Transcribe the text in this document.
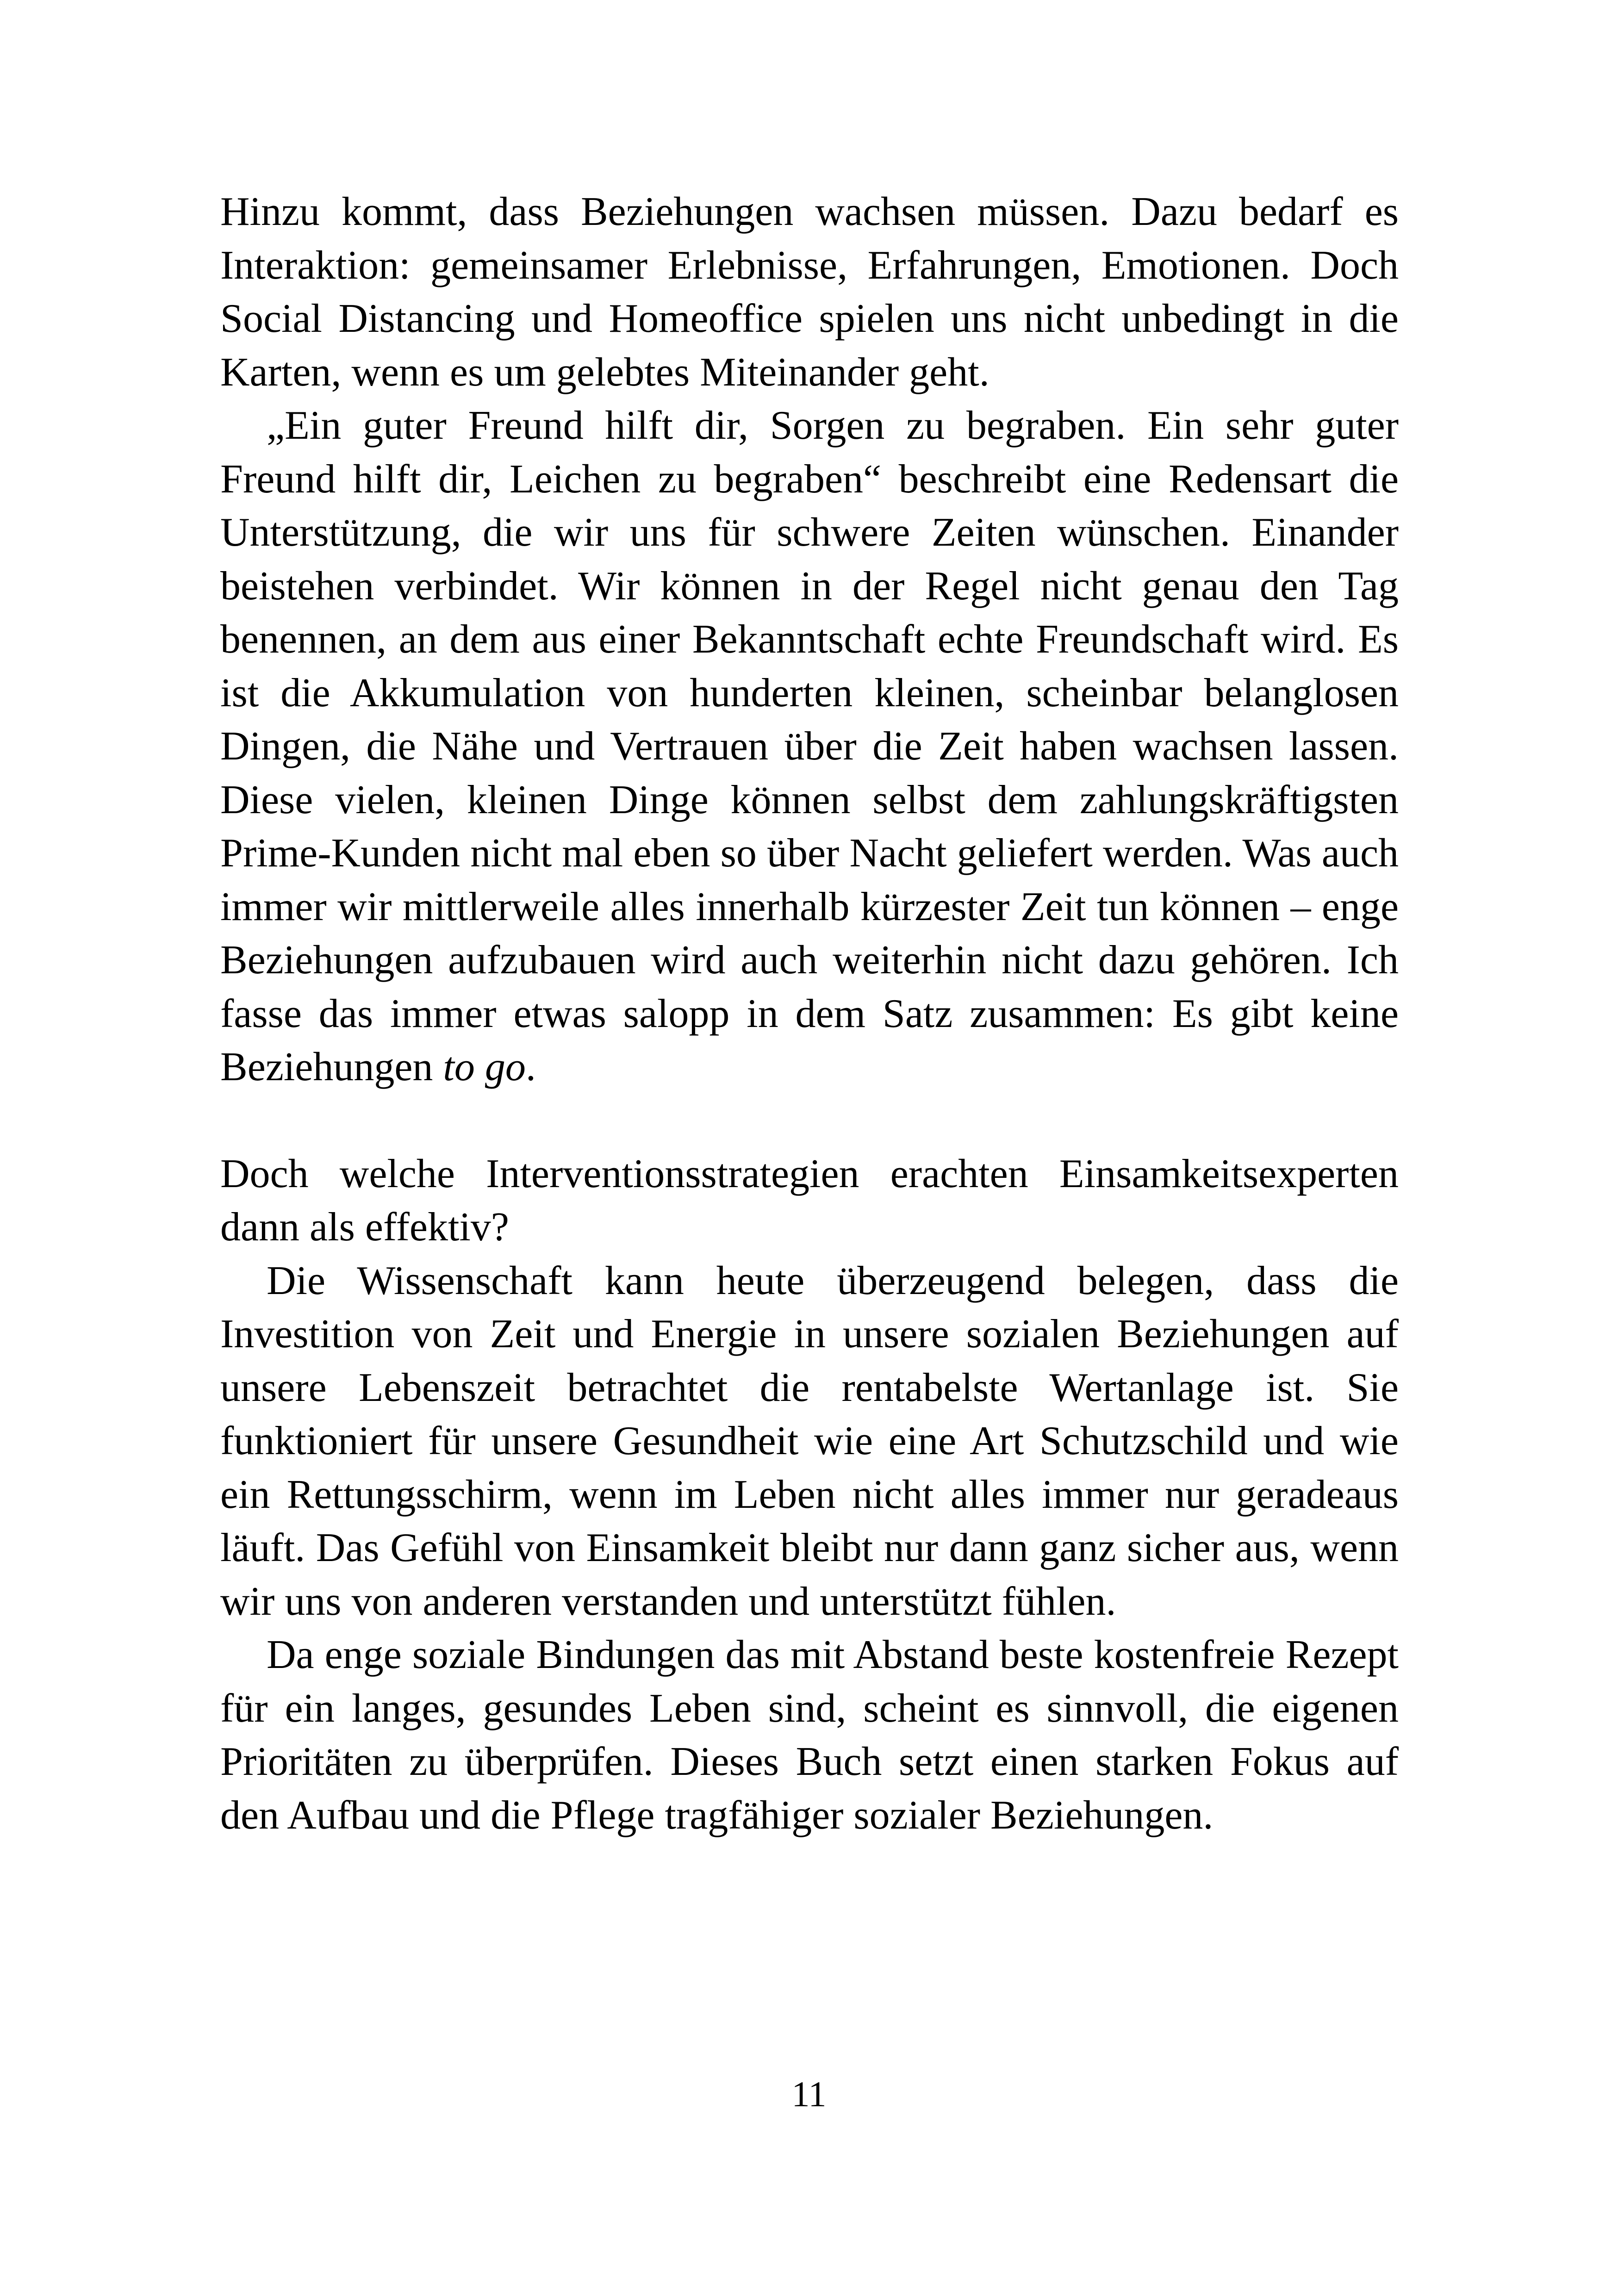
Hinzu kommt, dass Beziehungen wachsen müssen. Dazu bedarf es Interaktion: gemeinsamer Erlebnisse, Erfahrungen, Emotionen. Doch Social Distancing und Homeoffice spielen uns nicht unbedingt in die Karten, wenn es um gelebtes Miteinander geht.

„Ein guter Freund hilft dir, Sorgen zu begraben. Ein sehr guter Freund hilft dir, Leichen zu begraben“ beschreibt eine Redensart die Unterstützung, die wir uns für schwere Zeiten wünschen. Einander beistehen verbindet. Wir können in der Regel nicht genau den Tag benennen, an dem aus einer Bekanntschaft echte Freundschaft wird. Es ist die Akkumulation von hunderten kleinen, scheinbar belanglosen Dingen, die Nähe und Vertrauen über die Zeit haben wachsen lassen. Diese vielen, kleinen Dinge können selbst dem zahlungskräftigsten Prime-Kunden nicht mal eben so über Nacht geliefert werden. Was auch immer wir mittlerweile alles innerhalb kürzester Zeit tun können – enge Beziehungen aufzubauen wird auch weiterhin nicht dazu gehören. Ich fasse das immer etwas salopp in dem Satz zusammen: Es gibt keine Beziehungen to go.

Doch welche Interventionsstrategien erachten Einsamkeitsexperten dann als effektiv?

Die Wissenschaft kann heute überzeugend belegen, dass die Investition von Zeit und Energie in unsere sozialen Beziehungen auf unsere Lebenszeit betrachtet die rentabelste Wertanlage ist. Sie funktioniert für unsere Gesundheit wie eine Art Schutzschild und wie ein Rettungsschirm, wenn im Leben nicht alles immer nur geradeaus läuft. Das Gefühl von Einsamkeit bleibt nur dann ganz sicher aus, wenn wir uns von anderen verstanden und unterstützt fühlen.

Da enge soziale Bindungen das mit Abstand beste kostenfreie Rezept für ein langes, gesundes Leben sind, scheint es sinnvoll, die eigenen Prioritäten zu überprüfen. Dieses Buch setzt einen starken Fokus auf den Aufbau und die Pflege tragfähiger sozialer Beziehungen.

11
